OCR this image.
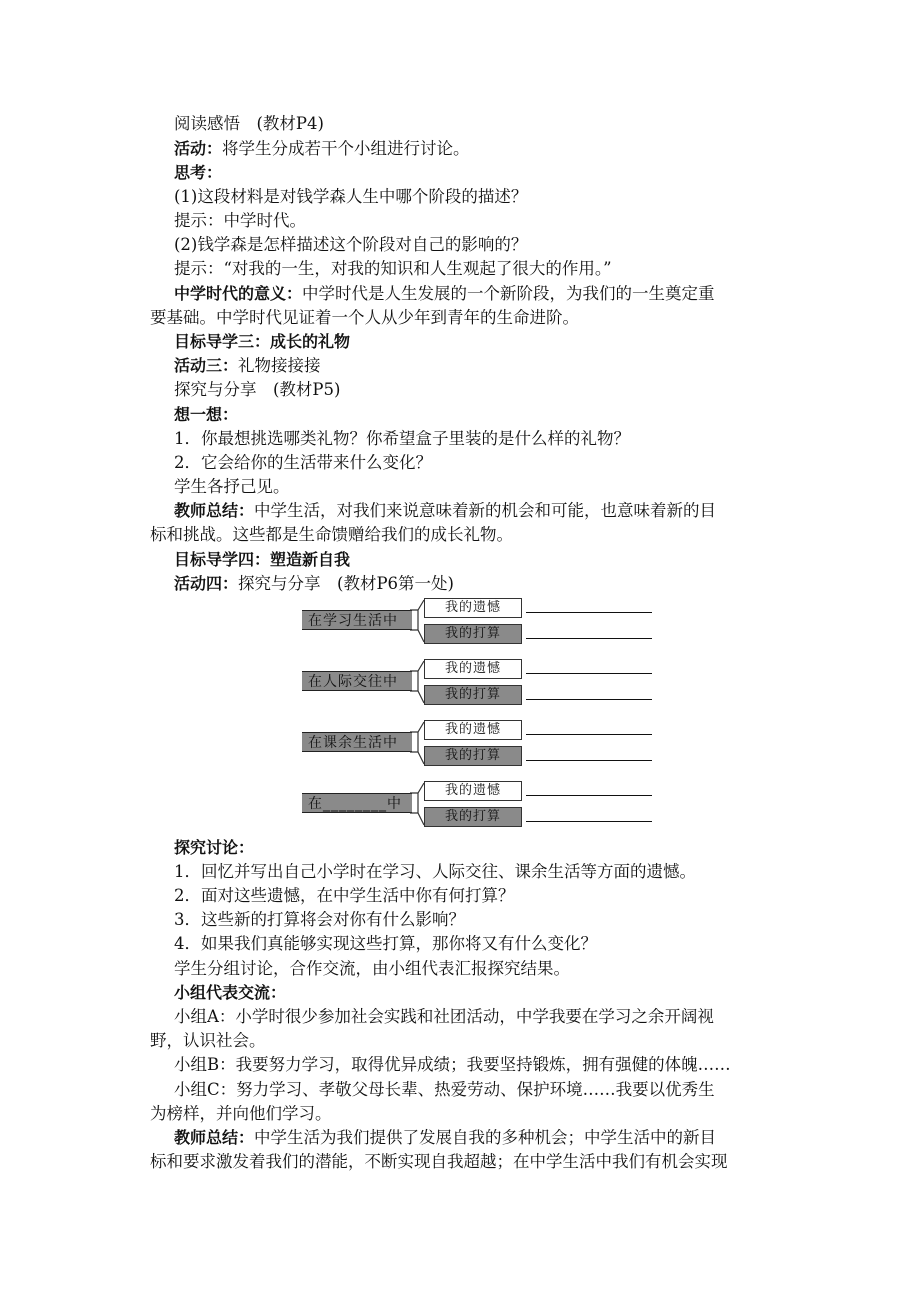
阅读感悟　(教材P4)
活动：将学生分成若干个小组进行讨论。
思考：
(1)这段材料是对钱学森人生中哪个阶段的描述？
提示：中学时代。
(2)钱学森是怎样描述这个阶段对自己的影响的？
提示：“对我的一生，对我的知识和人生观起了很大的作用。”
中学时代的意义：中学时代是人生发展的一个新阶段，为我们的一生奠定重
要基础。中学时代见证着一个人从少年到青年的生命进阶。
目标导学三：成长的礼物
活动三：礼物接接接
探究与分享　(教材P5)
想一想：
1．你最想挑选哪类礼物？你希望盒子里装的是什么样的礼物？
2．它会给你的生活带来什么变化？
学生各抒己见。
教师总结：中学生活，对我们来说意味着新的机会和可能，也意味着新的目
标和挑战。这些都是生命馈赠给我们的成长礼物。
目标导学四：塑造新自我
活动四：探究与分享　(教材P6第一处)
在学习生活中
我的遗憾
我的打算
在人际交往中
我的遗憾
我的打算
在课余生活中
我的遗憾
我的打算
在________中
我的遗憾
我的打算
探究讨论：
1．回忆并写出自己小学时在学习、人际交往、课余生活等方面的遗憾。
2．面对这些遗憾，在中学生活中你有何打算？
3．这些新的打算将会对你有什么影响？
4．如果我们真能够实现这些打算，那你将又有什么变化？
学生分组讨论，合作交流，由小组代表汇报探究结果。
小组代表交流：
小组A：小学时很少参加社会实践和社团活动，中学我要在学习之余开阔视
野，认识社会。
小组B：我要努力学习，取得优异成绩；我要坚持锻炼，拥有强健的体魄……
小组C：努力学习、孝敬父母长辈、热爱劳动、保护环境……我要以优秀生
为榜样，并向他们学习。
教师总结：中学生活为我们提供了发展自我的多种机会；中学生活中的新目
标和要求激发着我们的潜能，不断实现自我超越；在中学生活中我们有机会实现
